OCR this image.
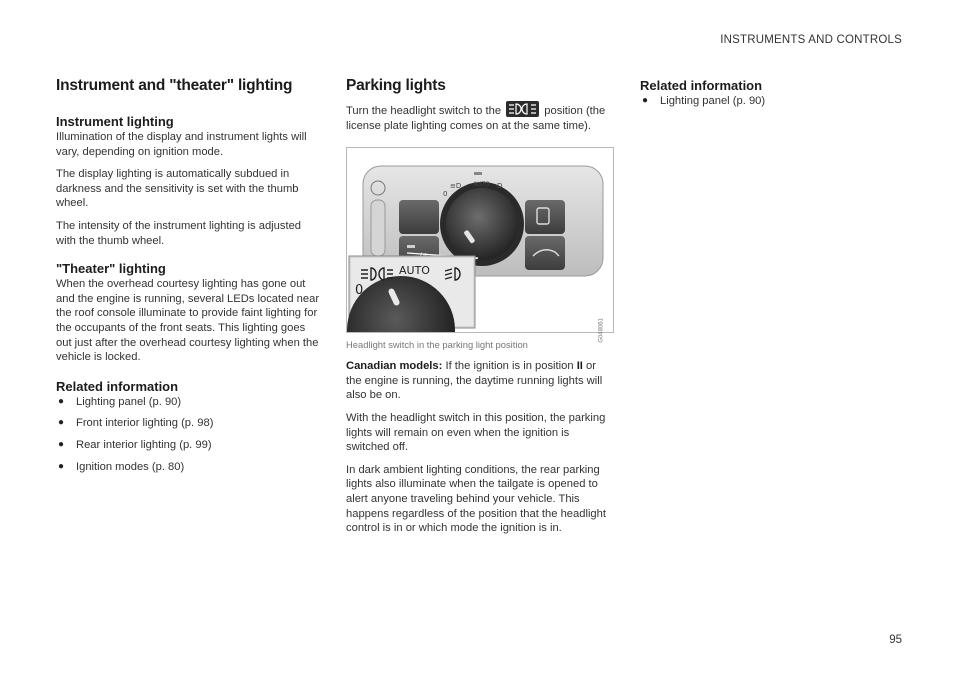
INSTRUMENTS AND CONTROLS
Instrument and "theater" lighting
Instrument lighting

Illumination of the display and instrument lights will vary, depending on ignition mode.

The display lighting is automatically subdued in darkness and the sensitivity is set with the thumb wheel.

The intensity of the instrument lighting is adjusted with the thumb wheel.

"Theater" lighting

When the overhead courtesy lighting has gone out and the engine is running, several LEDs located near the roof console illuminate to provide faint lighting for the occupants of the front seats. This lighting goes out just after the overhead courtesy lighting when the vehicle is locked.

Related information
● Lighting panel (p. 90)
● Front interior lighting (p. 98)
● Rear interior lighting (p. 99)
● Ignition modes (p. 80)
Parking lights

Turn the headlight switch to the	position (the license plate lighting comes on at the same time).

0
AUTO
≡D	D
0
AUTO
G048061
Headlight switch in the parking light position

Canadian models: If the ignition is in position II or the engine is running, the daytime running lights will also be on.

With the headlight switch in this position, the parking lights will remain on even when the ignition is switched off.

In dark ambient lighting conditions, the rear parking lights also illuminate when the tailgate is opened to alert anyone traveling behind your vehicle. This happens regardless of the position that the headlight control is in or which mode the ignition is in.

Related information
● Lighting panel (p. 90)
95
